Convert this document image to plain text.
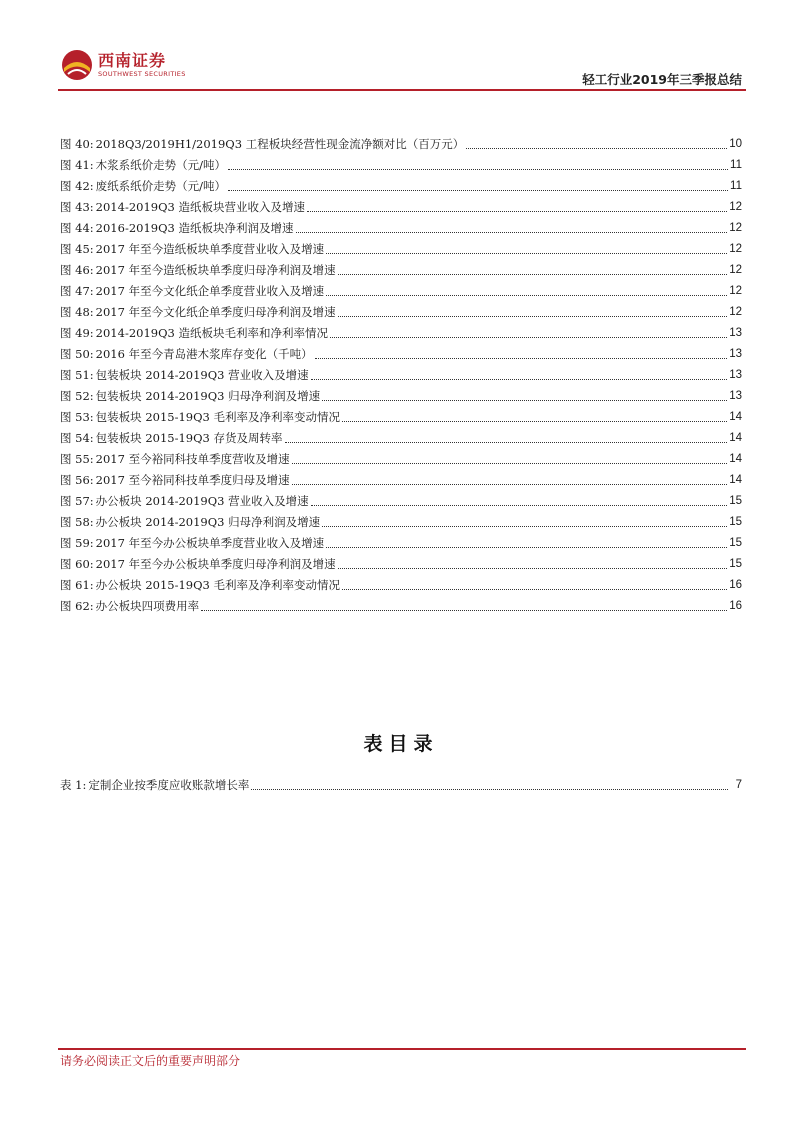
西南证券
SOUTHWEST SECURITIES	轻工行业2019年三季报总结
图 40: 2018Q3/2019H1/2019Q3 工程板块经营性现金流净额对比（百万元）	10
图 41: 木浆系纸价走势（元/吨）	11
图 42: 废纸系纸价走势（元/吨）	11
图 43: 2014-2019Q3 造纸板块营业收入及增速	12
图 44: 2016-2019Q3 造纸板块净利润及增速	12
图 45: 2017 年至今造纸板块单季度营业收入及增速	12
图 46: 2017 年至今造纸板块单季度归母净利润及增速	12
图 47: 2017 年至今文化纸企单季度营业收入及增速	12
图 48: 2017 年至今文化纸企单季度归母净利润及增速	12
图 49: 2014-2019Q3 造纸板块毛利率和净利率情况	13
图 50: 2016 年至今青岛港木浆库存变化（千吨）	13
图 51: 包装板块 2014-2019Q3 营业收入及增速	13
图 52: 包装板块 2014-2019Q3 归母净利润及增速	13
图 53: 包装板块 2015-19Q3 毛利率及净利率变动情况	14
图 54: 包装板块 2015-19Q3 存货及周转率	14
图 55: 2017 至今裕同科技单季度营收及增速	14
图 56: 2017 至今裕同科技单季度归母及增速	14
图 57: 办公板块 2014-2019Q3 营业收入及增速	15
图 58: 办公板块 2014-2019Q3 归母净利润及增速	15
图 59: 2017 年至今办公板块单季度营业收入及增速	15
图 60: 2017 年至今办公板块单季度归母净利润及增速	15
图 61: 办公板块 2015-19Q3 毛利率及净利率变动情况	16
图 62: 办公板块四项费用率	16
表目录
表 1: 定制企业按季度应收账款增长率	7
请务必阅读正文后的重要声明部分
